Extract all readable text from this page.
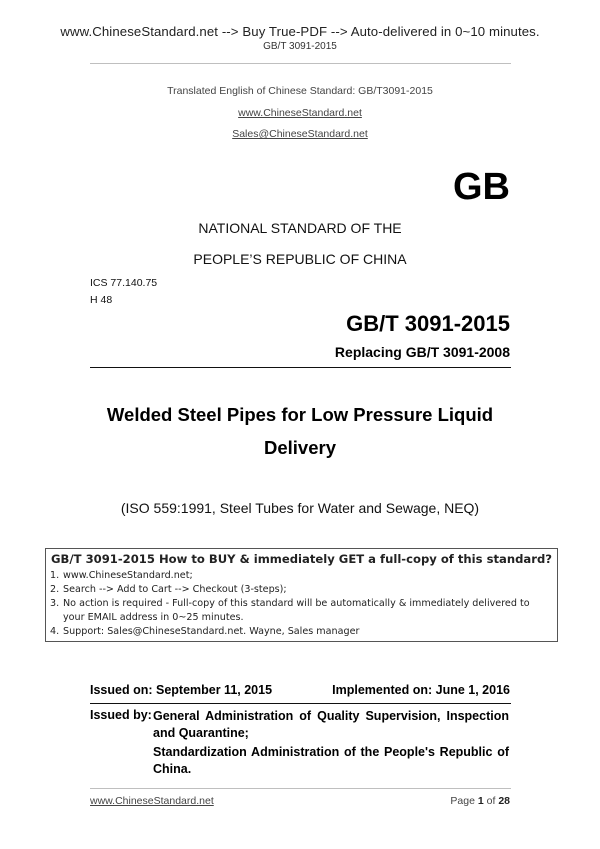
www.ChineseStandard.net --> Buy True-PDF --> Auto-delivered in 0~10 minutes.
GB/T 3091-2015
Translated English of Chinese Standard: GB/T3091-2015
www.ChineseStandard.net
Sales@ChineseStandard.net
GB
NATIONAL STANDARD OF THE
PEOPLE’S REPUBLIC OF CHINA
ICS 77.140.75
H 48
GB/T 3091-2015
Replacing GB/T 3091-2008
Welded Steel Pipes for Low Pressure Liquid
Delivery
(ISO 559:1991, Steel Tubes for Water and Sewage, NEQ)
GB/T 3091-2015 How to BUY & immediately GET a full-copy of this standard?
1. www.ChineseStandard.net;
2. Search --> Add to Cart --> Checkout (3-steps);
3. No action is required - Full-copy of this standard will be automatically & immediately delivered to
your EMAIL address in 0~25 minutes.
4. Support: Sales@ChineseStandard.net. Wayne, Sales manager
Issued on: September 11, 2015	Implemented on: June 1, 2016
Issued by: General Administration of Quality Supervision, Inspection and Quarantine;
Standardization Administration of the People's Republic of China.
www.ChineseStandard.net	Page 1 of 28
